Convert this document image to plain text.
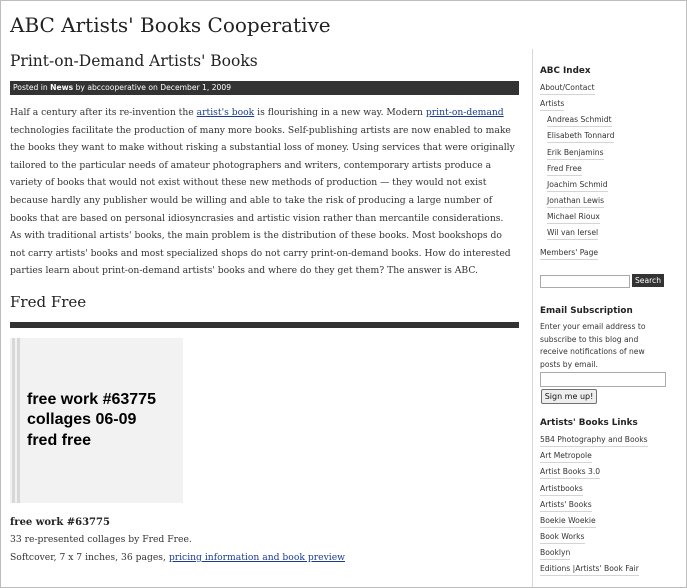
ABC Artists' Books Cooperative
Print-on-Demand Artists' Books
Posted in News by abccooperative on December 1, 2009

Half a century after its re-invention the artist's book is flourishing in a new way. Modern print-on-demand technologies facilitate the production of many more books. Self-publishing artists are now enabled to make the books they want to make without risking a substantial loss of money. Using services that were originally tailored to the particular needs of amateur photographers and writers, contemporary artists produce a variety of books that would not exist without these new methods of production — they would not exist because hardly any publisher would be willing and able to take the risk of producing a large number of books that are based on personal idiosyncrasies and artistic vision rather than mercantile considerations.

As with traditional artists' books, the main problem is the distribution of these books. Most bookshops do not carry artists' books and most specialized shops do not carry print-on-demand books. How do interested parties learn about print-on-demand artists' books and where do they get them? The answer is ABC.

Fred Free
free work #63775
collages 06-09
fred free
free work #63775
33 re-presented collages by Fred Free.
Softcover, 7 x 7 inches, 36 pages, pricing information and book preview
ABC Index
About/Contact
Artists
Andreas Schmidt
Elisabeth Tonnard
Erik Benjamins
Fred Free
Joachim Schmid
Jonathan Lewis
Michael Rioux
Wil van Iersel
Members' Page
Search
Email Subscription
Enter your email address to subscribe to this blog and receive notifications of new posts by email.
Sign me up!
Artists' Books Links
5B4 Photography and Books
Art Metropole
Artist Books 3.0
Artistbooks
Artists' Books
Boekie Woekie
Book Works
Booklyn
Editions |Artists' Book Fair
